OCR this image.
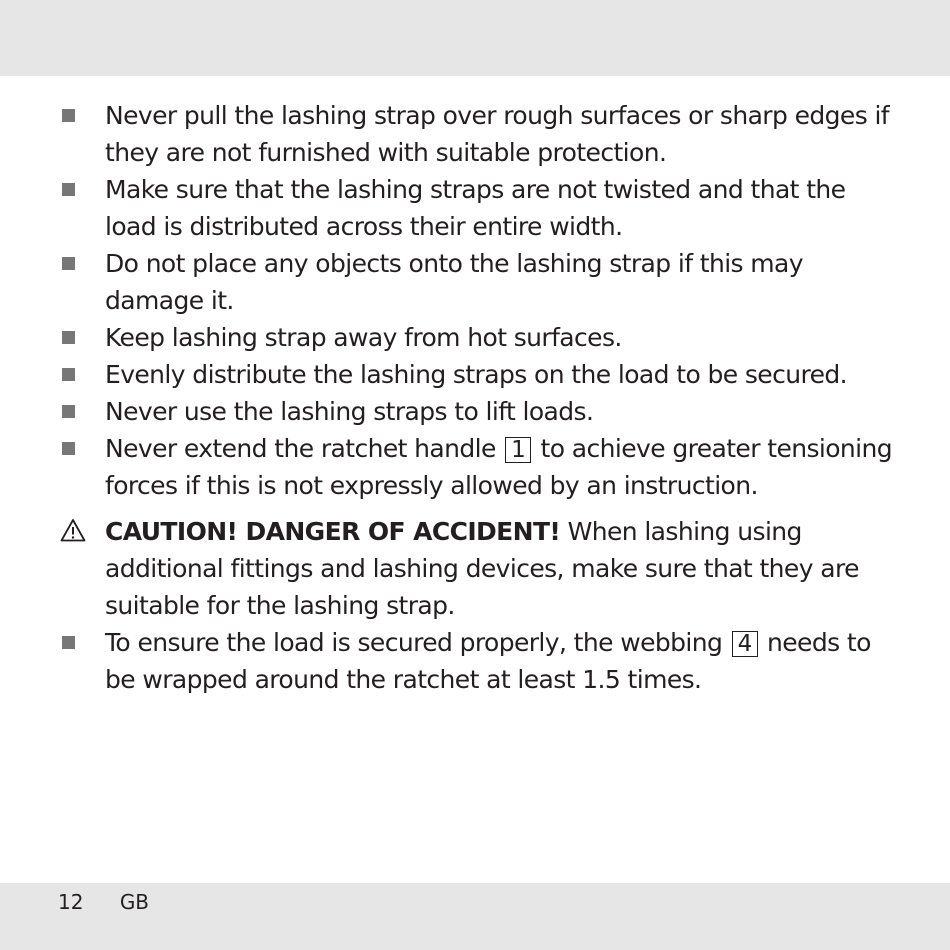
Never pull the lashing strap over rough surfaces or sharp edges if they are not furnished with suitable protection.
Make sure that the lashing straps are not twisted and that the load is distributed across their entire width.
Do not place any objects onto the lashing strap if this may damage it.
Keep lashing strap away from hot surfaces.
Evenly distribute the lashing straps on the load to be secured.
Never use the lashing straps to lift loads.
Never extend the ratchet handle 1 to achieve greater tensioning forces if this is not expressly allowed by an instruction.
CAUTION! DANGER OF ACCIDENT! When lashing using additional fittings and lashing devices, make sure that they are suitable for the lashing strap.
To ensure the load is secured properly, the webbing 4 needs to be wrapped around the ratchet at least 1.5 times.
12 GB
